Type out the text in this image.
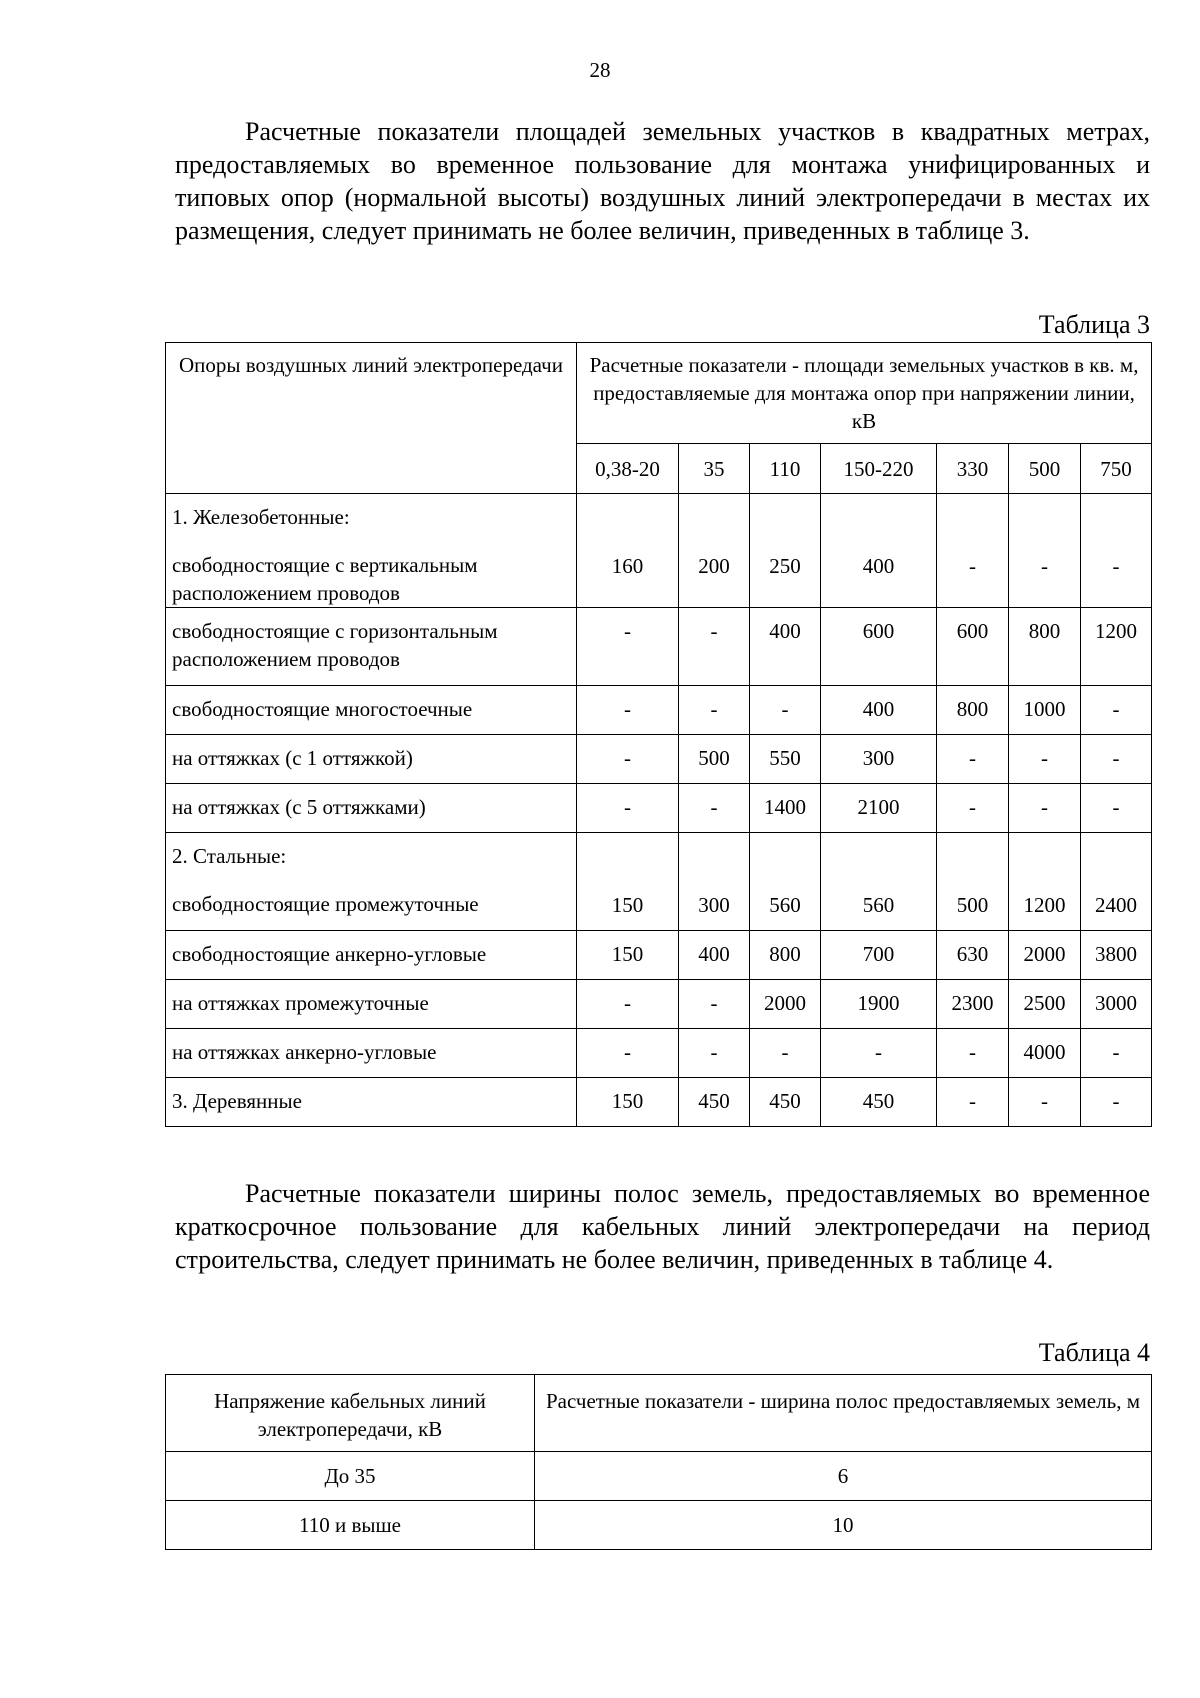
28

Расчетные показатели площадей земельных участков в квадратных метрах, предоставляемых во временное пользование для монтажа унифицированных и типовых опор (нормальной высоты) воздушных линий электропередачи в местах их размещения, следует принимать не более величин, приведенных в таблице 3.

Таблица 3
Опоры воздушных линий электропередачи	Расчетные показатели - площади земельных участков в кв. м, предоставляемые для монтажа опор при напряжении линии, кВ						
	0,38-20	35	110	150-220	330	500	750

1. Железобетонные:
свободностоящие с вертикальным расположением проводов	160	200	250	400	-	-	-
свободностоящие с горизонтальным расположением проводов	-	-	400	600	600	800	1200
свободностоящие многостоечные	-	-	-	400	800	1000	-
на оттяжках (с 1 оттяжкой)	-	500	550	300	-	-	-
на оттяжках (с 5 оттяжками)	-	-	1400	2100	-	-	-

2. Стальные:
свободностоящие промежуточные	150	300	560	560	500	1200	2400
свободностоящие анкерно-угловые	150	400	800	700	630	2000	3800
на оттяжках промежуточные	-	-	2000	1900	2300	2500	3000
на оттяжках анкерно-угловые	-	-	-	-	-	4000	-
3. Деревянные	150	450	450	450	-	-	-

Расчетные показатели ширины полос земель, предоставляемых во временное краткосрочное пользование для кабельных линий электропередачи на период строительства, следует принимать не более величин, приведенных в таблице 4.

Таблица 4
Напряжение кабельных линий электропередачи, кВ	Расчетные показатели - ширина полос предоставляемых земель, м
До 35	6
110 и выше	10
